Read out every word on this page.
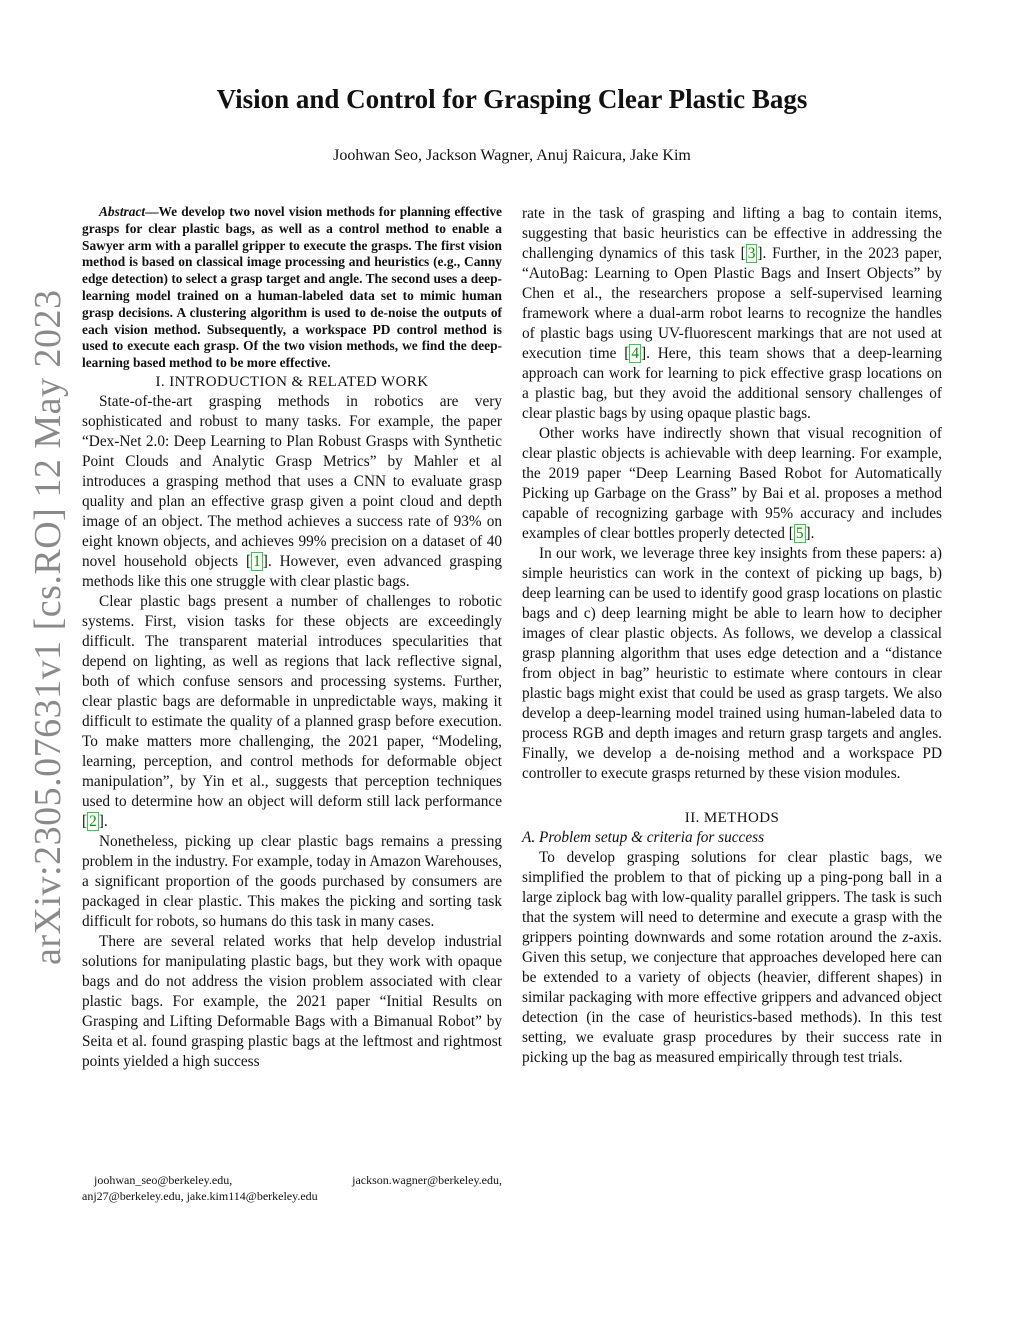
arXiv:2305.07631v1 [cs.RO] 12 May 2023
Vision and Control for Grasping Clear Plastic Bags
Joohwan Seo, Jackson Wagner, Anuj Raicura, Jake Kim

Abstract—We develop two novel vision methods for planning effective grasps for clear plastic bags, as well as a control method to enable a Sawyer arm with a parallel gripper to execute the grasps. The first vision method is based on classical image processing and heuristics (e.g., Canny edge detection) to select a grasp target and angle. The second uses a deep-learning model trained on a human-labeled data set to mimic human grasp decisions. A clustering algorithm is used to de-noise the outputs of each vision method. Subsequently, a workspace PD control method is used to execute each grasp. Of the two vision methods, we find the deep-learning based method to be more effective.

I. INTRODUCTION & RELATED WORK

State-of-the-art grasping methods in robotics are very sophisticated and robust to many tasks. For example, the paper “Dex-Net 2.0: Deep Learning to Plan Robust Grasps with Synthetic Point Clouds and Analytic Grasp Metrics” by Mahler et al introduces a grasping method that uses a CNN to evaluate grasp quality and plan an effective grasp given a point cloud and depth image of an object. The method achieves a success rate of 93% on eight known objects, and achieves 99% precision on a dataset of 40 novel household objects [ 1 ]. However, even advanced grasping methods like this one struggle with clear plastic bags.

Clear plastic bags present a number of challenges to robotic systems. First, vision tasks for these objects are exceedingly difficult. The transparent material introduces specularities that depend on lighting, as well as regions that lack reflective signal, both of which confuse sensors and processing systems. Further, clear plastic bags are deformable in unpredictable ways, making it difficult to estimate the quality of a planned grasp before execution. To make matters more challenging, the 2021 paper, “Modeling, learning, perception, and control methods for deformable object manipulation”, by Yin et al., suggests that perception techniques used to determine how an object will deform still lack performance [ 2 ].

Nonetheless, picking up clear plastic bags remains a pressing problem in the industry. For example, today in Amazon Warehouses, a significant proportion of the goods purchased by consumers are packaged in clear plastic. This makes the picking and sorting task difficult for robots, so humans do this task in many cases.

There are several related works that help develop industrial solutions for manipulating plastic bags, but they work with opaque bags and do not address the vision problem associated with clear plastic bags. For example, the 2021 paper “Initial Results on Grasping and Lifting Deformable Bags with a Bimanual Robot” by Seita et al. found grasping plastic bags at the leftmost and rightmost points yielded a high success

joohwan_seo@berkeley.edu,	jackson.wagner@berkeley.edu,
anj27@berkeley.edu, jake.kim114@berkeley.edu

rate in the task of grasping and lifting a bag to contain items, suggesting that basic heuristics can be effective in addressing the challenging dynamics of this task [ 3 ]. Further, in the 2023 paper, “AutoBag: Learning to Open Plastic Bags and Insert Objects” by Chen et al., the researchers propose a self-supervised learning framework where a dual-arm robot learns to recognize the handles of plastic bags using UV-fluorescent markings that are not used at execution time [ 4 ]. Here, this team shows that a deep-learning approach can work for learning to pick effective grasp locations on a plastic bag, but they avoid the additional sensory challenges of clear plastic bags by using opaque plastic bags.

Other works have indirectly shown that visual recognition of clear plastic objects is achievable with deep learning. For example, the 2019 paper “Deep Learning Based Robot for Automatically Picking up Garbage on the Grass” by Bai et al. proposes a method capable of recognizing garbage with 95% accuracy and includes examples of clear bottles properly detected [ 5 ].

In our work, we leverage three key insights from these papers: a) simple heuristics can work in the context of picking up bags, b) deep learning can be used to identify good grasp locations on plastic bags and c) deep learning might be able to learn how to decipher images of clear plastic objects. As follows, we develop a classical grasp planning algorithm that uses edge detection and a “distance from object in bag” heuristic to estimate where contours in clear plastic bags might exist that could be used as grasp targets. We also develop a deep-learning model trained using human-labeled data to process RGB and depth images and return grasp targets and angles. Finally, we develop a de-noising method and a workspace PD controller to execute grasps returned by these vision modules.

II. METHODS

A. Problem setup & criteria for success

To develop grasping solutions for clear plastic bags, we simplified the problem to that of picking up a ping-pong ball in a large ziplock bag with low-quality parallel grippers. The task is such that the system will need to determine and execute a grasp with the grippers pointing downwards and some rotation around the z-axis. Given this setup, we conjecture that approaches developed here can be extended to a variety of objects (heavier, different shapes) in similar packaging with more effective grippers and advanced object detection (in the case of heuristics-based methods). In this test setting, we evaluate grasp procedures by their success rate in picking up the bag as measured empirically through test trials.
